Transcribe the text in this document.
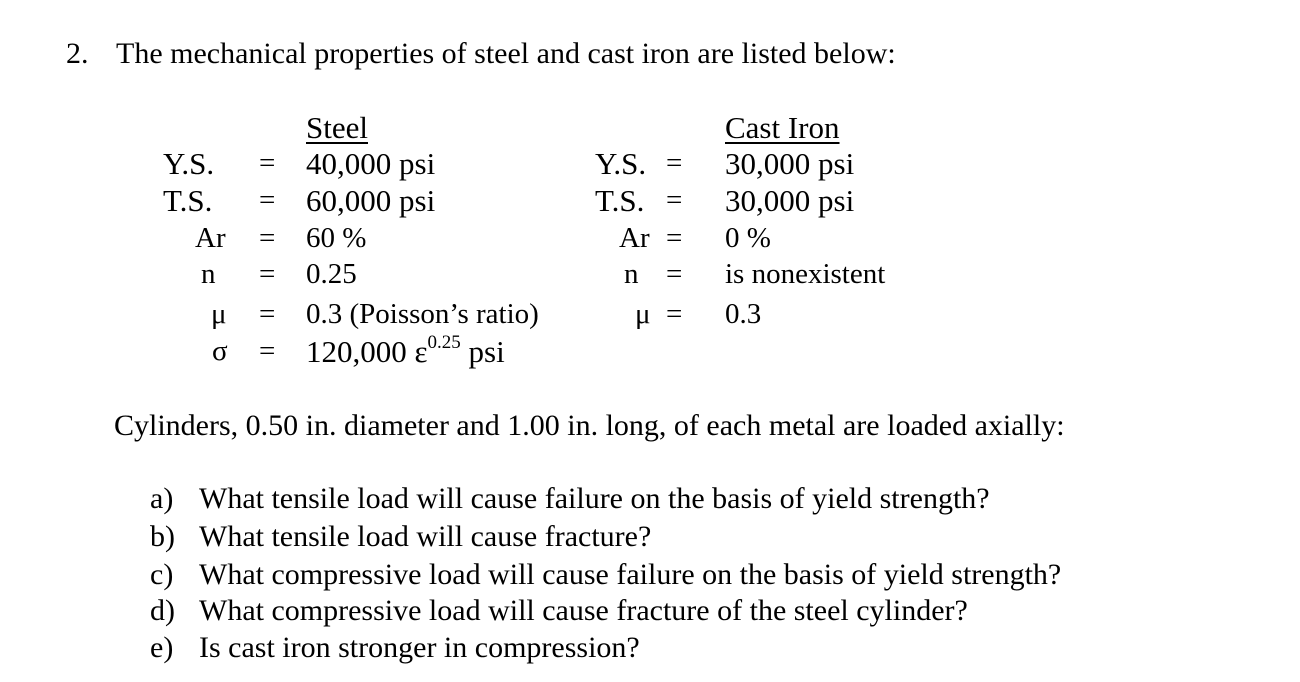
2. The mechanical properties of steel and cast iron are listed below:
Steel
Y.S. = 40,000 psi
T.S. = 60,000 psi
Ar = 60 %
n = 0.25
μ = 0.3 (Poisson’s ratio)
σ = 120,000 $\varepsilon^{0.25}$ psi
Cast Iron
Y.S. = 30,000 psi
T.S. = 30,000 psi
Ar = 0 %
n = is nonexistent
μ = 0.3
Cylinders, 0.50 in. diameter and 1.00 in. long, of each metal are loaded axially:
a) What tensile load will cause failure on the basis of yield strength?
b) What tensile load will cause fracture?
c) What compressive load will cause failure on the basis of yield strength?
d) What compressive load will cause fracture of the steel cylinder?
e) Is cast iron stronger in compression?
